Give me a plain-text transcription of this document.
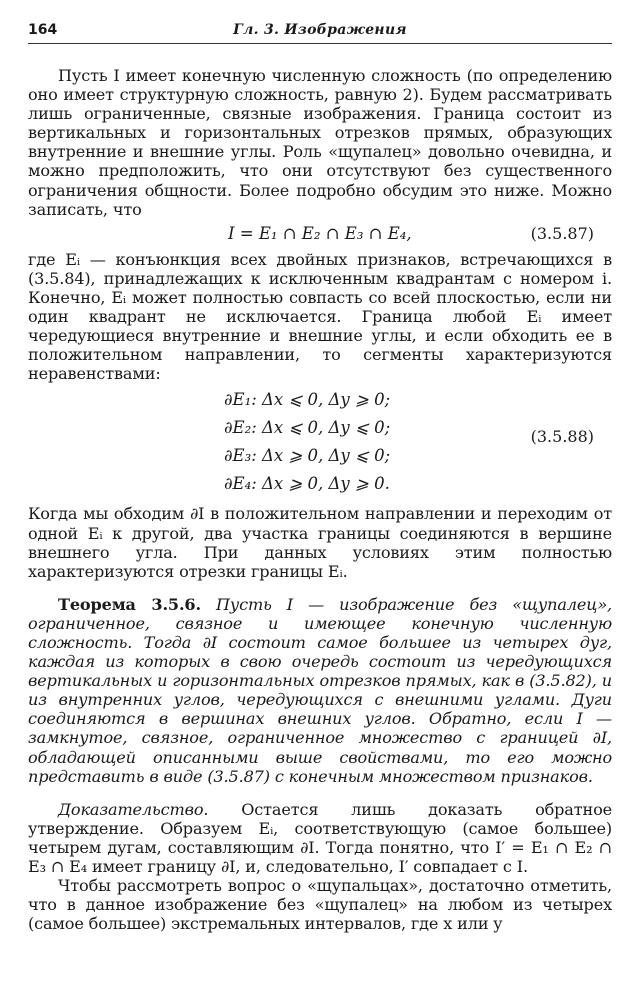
164	Гл. 3. Изображения

Пусть I имеет конечную численную сложность (по определению оно имеет структурную сложность, равную 2). Будем рассматривать лишь ограниченные, связные изображения. Граница состоит из вертикальных и горизонтальных отрезков прямых, образующих внутренние и внешние углы. Роль «щупалец» довольно очевидна, и можно предположить, что они отсутствуют без существенного ограничения общности. Более подробно обсудим это ниже. Можно записать, что

I = E₁ ∩ E₂ ∩ E₃ ∩ E₄,	(3.5.87)

где Eᵢ — конъюнкция всех двойных признаков, встречающихся в (3.5.84), принадлежащих к исключенным квадрантам с номером i. Конечно, Eᵢ может полностью совпасть со всей плоскостью, если ни один квадрант не исключается. Граница любой Eᵢ имеет чередующиеся внутренние и внешние углы, и если обходить ее в положительном направлении, то сегменты характеризуются неравенствами:

∂E₁: Δx ⩽ 0, Δy ⩾ 0;
∂E₂: Δx ⩽ 0, Δy ⩽ 0;
∂E₃: Δx ⩾ 0, Δy ⩽ 0;
∂E₄: Δx ⩾ 0, Δy ⩾ 0.
(3.5.88)

Когда мы обходим ∂I в положительном направлении и переходим от одной Eᵢ к другой, два участка границы соединяются в вершине внешнего угла. При данных условиях этим полностью характеризуются отрезки границы Eᵢ.

Теорема 3.5.6. Пусть I — изображение без «щупалец», ограниченное, связное и имеющее конечную численную сложность. Тогда ∂I состоит самое большее из четырех дуг, каждая из которых в свою очередь состоит из чередующихся вертикальных и горизонтальных отрезков прямых, как в (3.5.82), и из внутренних углов, чередующихся с внешними углами. Дуги соединяются в вершинах внешних углов. Обратно, если I — замкнутое, связное, ограниченное множество с границей ∂I, обладающей описанными выше свойствами, то его можно представить в виде (3.5.87) с конечным множеством признаков.

Доказательство. Остается лишь доказать обратное утверждение. Образуем Eᵢ, соответствующую (самое большее) четырем дугам, составляющим ∂I. Тогда понятно, что I′ = E₁ ∩ E₂ ∩ E₃ ∩ E₄ имеет границу ∂I, и, следовательно, I′ совпадает с I.

Чтобы рассмотреть вопрос о «щупальцах», достаточно отметить, что в данное изображение без «щупалец» на любом из четырех (самое большее) экстремальных интервалов, где x или y
